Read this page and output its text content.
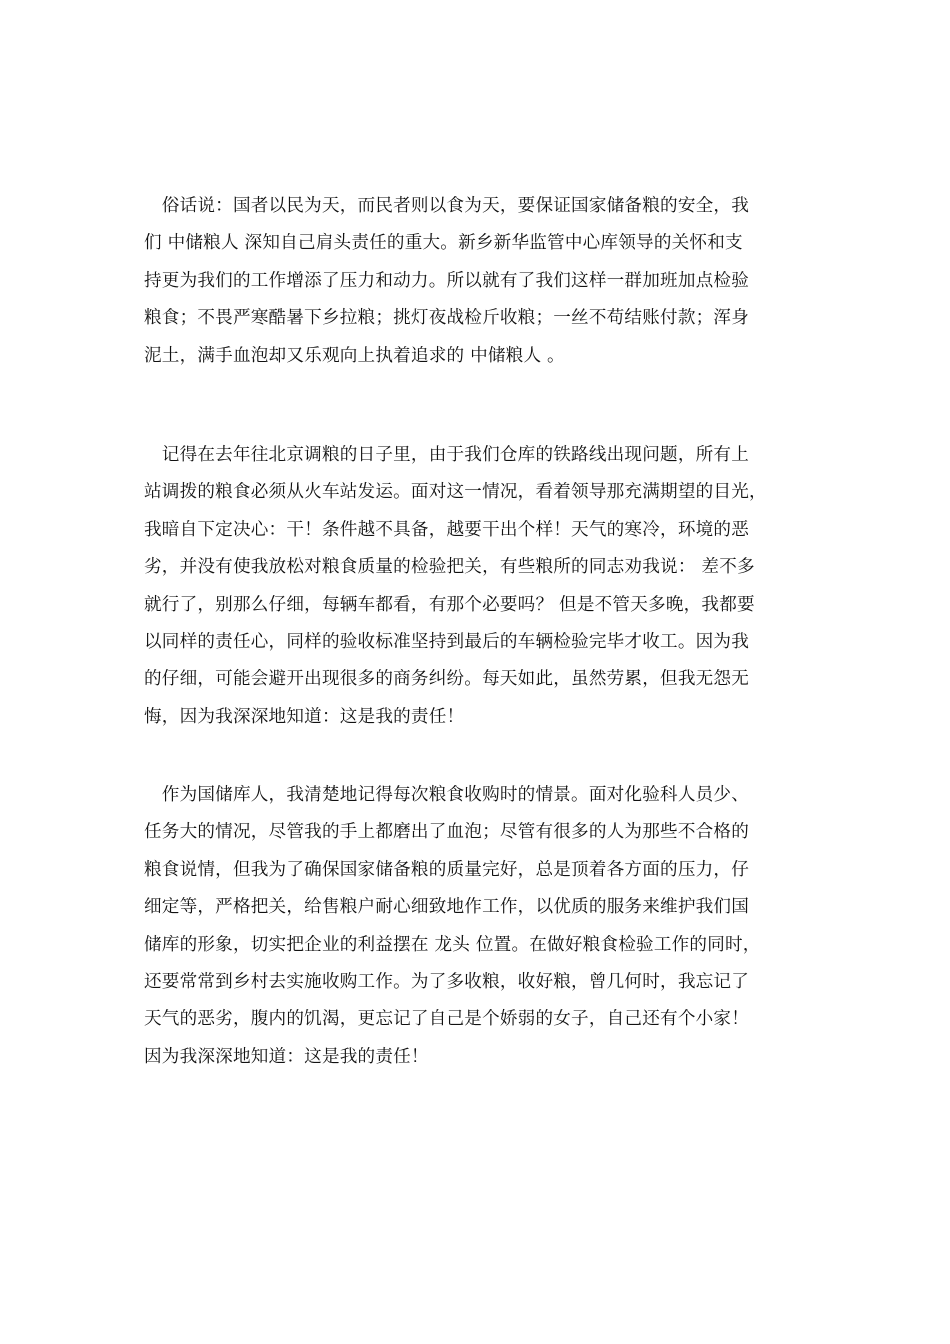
　俗话说：国者以民为天，而民者则以食为天，要保证国家储备粮的安全，我
们 中储粮人 深知自己肩头责任的重大。新乡新华监管中心库领导的关怀和支
持更为我们的工作增添了压力和动力。所以就有了我们这样一群加班加点检验
粮食；不畏严寒酷暑下乡拉粮；挑灯夜战检斤收粮；一丝不苟结账付款；浑身
泥土，满手血泡却又乐观向上执着追求的 中储粮人 。
　记得在去年往北京调粮的日子里，由于我们仓库的铁路线出现问题，所有上
站调拨的粮食必须从火车站发运。面对这一情况，看着领导那充满期望的目光，
我暗自下定决心：干！条件越不具备，越要干出个样！天气的寒冷，环境的恶
劣，并没有使我放松对粮食质量的检验把关，有些粮所的同志劝我说： 差不多
就行了，别那么仔细，每辆车都看，有那个必要吗？ 但是不管天多晚，我都要
以同样的责任心，同样的验收标准坚持到最后的车辆检验完毕才收工。因为我
的仔细，可能会避开出现很多的商务纠纷。每天如此，虽然劳累，但我无怨无
悔，因为我深深地知道：这是我的责任！
　作为国储库人，我清楚地记得每次粮食收购时的情景。面对化验科人员少、
任务大的情况，尽管我的手上都磨出了血泡；尽管有很多的人为那些不合格的
粮食说情，但我为了确保国家储备粮的质量完好，总是顶着各方面的压力，仔
细定等，严格把关，给售粮户耐心细致地作工作，以优质的服务来维护我们国
储库的形象，切实把企业的利益摆在 龙头 位置。在做好粮食检验工作的同时，
还要常常到乡村去实施收购工作。为了多收粮，收好粮，曾几何时，我忘记了
天气的恶劣，腹内的饥渴，更忘记了自己是个娇弱的女子，自己还有个小家！
因为我深深地知道：这是我的责任！
